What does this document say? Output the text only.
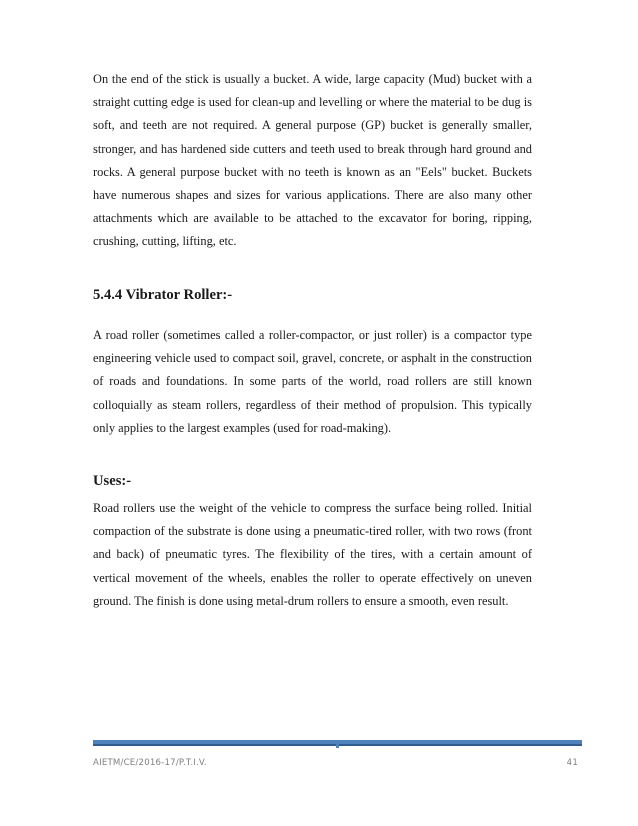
On the end of the stick is usually a bucket. A wide, large capacity (Mud) bucket with a straight cutting edge is used for clean-up and levelling or where the material to be dug is soft, and teeth are not required. A general purpose (GP) bucket is generally smaller, stronger, and has hardened side cutters and teeth used to break through hard ground and rocks. A general purpose bucket with no teeth is known as an "Eels" bucket. Buckets have numerous shapes and sizes for various applications. There are also many other attachments which are available to be attached to the excavator for boring, ripping, crushing, cutting, lifting, etc.

5.4.4 Vibrator Roller:-

A road roller (sometimes called a roller-compactor, or just roller) is a compactor type engineering vehicle used to compact soil, gravel, concrete, or asphalt in the construction of roads and foundations. In some parts of the world, road rollers are still known colloquially as steam rollers, regardless of their method of propulsion. This typically only applies to the largest examples (used for road-making).

Uses:-

Road rollers use the weight of the vehicle to compress the surface being rolled. Initial compaction of the substrate is done using a pneumatic-tired roller, with two rows (front and back) of pneumatic tyres. The flexibility of the tires, with a certain amount of vertical movement of the wheels, enables the roller to operate effectively on uneven ground. The finish is done using metal-drum rollers to ensure a smooth, even result.

AIETM/CE/2016-17/P.T.I.V.	41
